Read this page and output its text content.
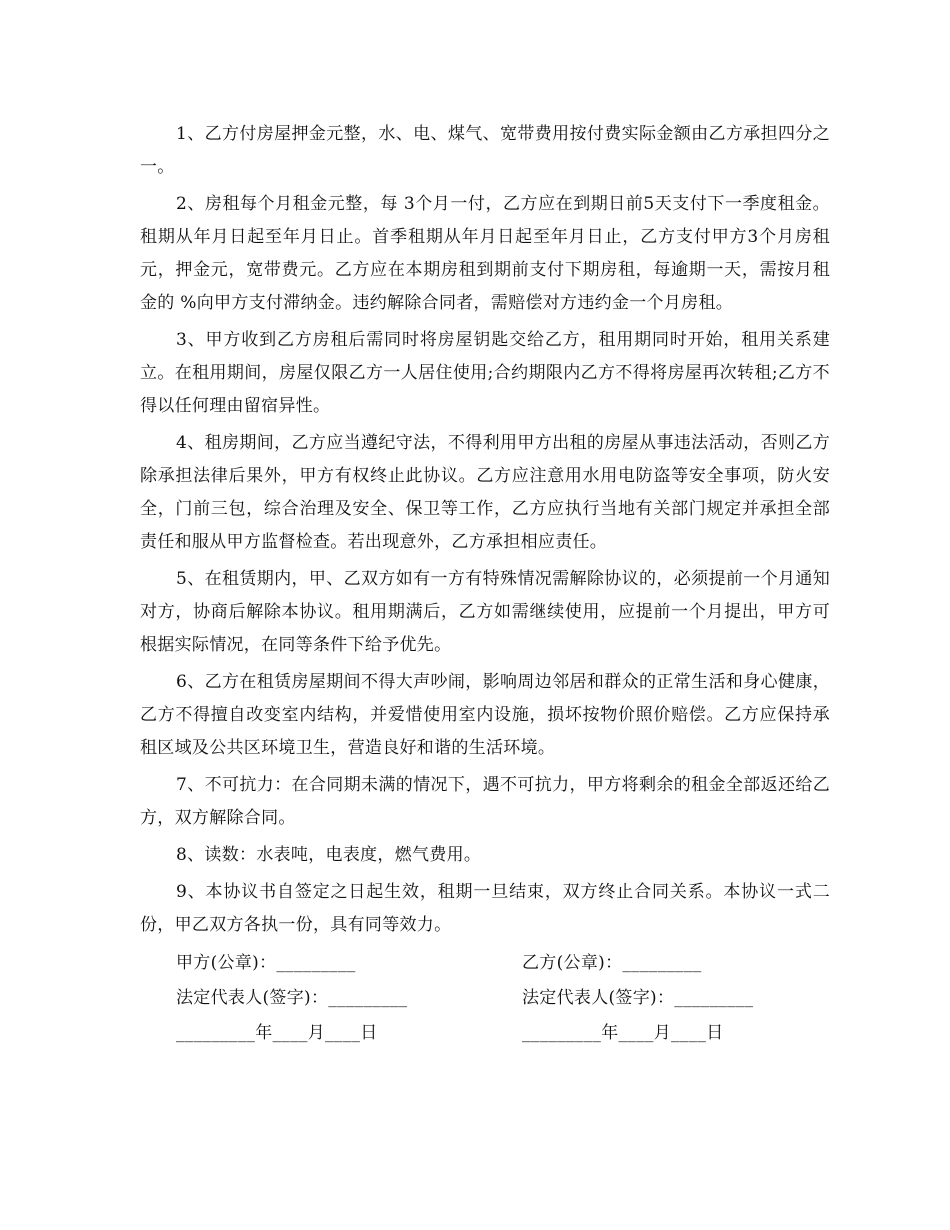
1、乙方付房屋押金元整，水、电、煤气、宽带费用按付费实际金额由乙方承担四分之一。

2、房租每个月租金元整，每 3个月一付，乙方应在到期日前5天支付下一季度租金。租期从年月日起至年月日止。首季租期从年月日起至年月日止，乙方支付甲方3个月房租元，押金元，宽带费元。乙方应在本期房租到期前支付下期房租，每逾期一天，需按月租金的 %向甲方支付滞纳金。违约解除合同者，需赔偿对方违约金一个月房租。

3、甲方收到乙方房租后需同时将房屋钥匙交给乙方，租用期同时开始，租用关系建立。在租用期间，房屋仅限乙方一人居住使用;合约期限内乙方不得将房屋再次转租;乙方不得以任何理由留宿异性。

4、租房期间，乙方应当遵纪守法，不得利用甲方出租的房屋从事违法活动，否则乙方除承担法律后果外，甲方有权终止此协议。乙方应注意用水用电防盗等安全事项，防火安全，门前三包，综合治理及安全、保卫等工作，乙方应执行当地有关部门规定并承担全部责任和服从甲方监督检查。若出现意外，乙方承担相应责任。

5、在租赁期内，甲、乙双方如有一方有特殊情况需解除协议的，必须提前一个月通知对方，协商后解除本协议。租用期满后，乙方如需继续使用，应提前一个月提出，甲方可根据实际情况，在同等条件下给予优先。

6、乙方在租赁房屋期间不得大声吵闹，影响周边邻居和群众的正常生活和身心健康，乙方不得擅自改变室内结构，并爱惜使用室内设施，损坏按物价照价赔偿。乙方应保持承租区域及公共区环境卫生，营造良好和谐的生活环境。

7、不可抗力：在合同期未满的情况下，遇不可抗力，甲方将剩余的租金全部返还给乙方，双方解除合同。

8、读数：水表吨，电表度，燃气费用。

9、本协议书自签定之日起生效，租期一旦结束，双方终止合同关系。本协议一式二份，甲乙双方各执一份，具有同等效力。

甲方(公章)：_________	乙方(公章)：_________
法定代表人(签字)：_________	法定代表人(签字)：_________
_________年____月____日	_________年____月____日
